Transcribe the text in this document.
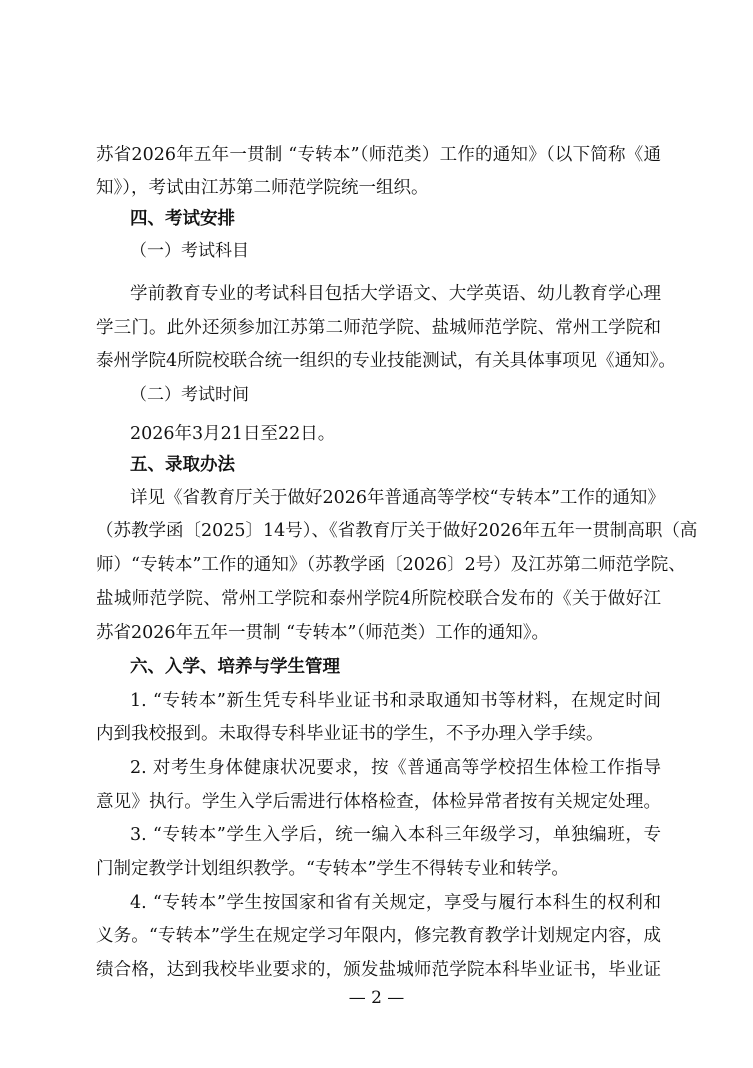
苏省2026年五年一贯制 “专转本”（师范类）工作的通知》（以下简称《通
知》），考试由江苏第二师范学院统一组织。
四、考试安排
（一）考试科目
学前教育专业的考试科目包括大学语文、大学英语、幼儿教育学心理
学三门。此外还须参加江苏第二师范学院、盐城师范学院、常州工学院和
泰州学院4所院校联合统一组织的专业技能测试，有关具体事项见《通知》。
（二）考试时间
2026年3月21日至22日。
五、录取办法
详见《省教育厅关于做好2026年普通高等学校“专转本”工作的通知》
（苏教学函〔2025〕14号）、《省教育厅关于做好2026年五年一贯制高职（高
师）“专转本”工作的通知》（苏教学函〔2026〕2号）及江苏第二师范学院、
盐城师范学院、常州工学院和泰州学院4所院校联合发布的《关于做好江
苏省2026年五年一贯制 “专转本”（师范类）工作的通知》。
六、入学、培养与学生管理
1. “专转本”新生凭专科毕业证书和录取通知书等材料，在规定时间
内到我校报到。未取得专科毕业证书的学生，不予办理入学手续。
2. 对考生身体健康状况要求，按《普通高等学校招生体检工作指导
意见》执行。学生入学后需进行体格检查，体检异常者按有关规定处理。
3. “专转本”学生入学后，统一编入本科三年级学习，单独编班，专
门制定教学计划组织教学。“专转本”学生不得转专业和转学。
4. “专转本”学生按国家和省有关规定，享受与履行本科生的权利和
义务。“专转本”学生在规定学习年限内，修完教育教学计划规定内容，成
绩合格，达到我校毕业要求的，颁发盐城师范学院本科毕业证书，毕业证
— 2 —
